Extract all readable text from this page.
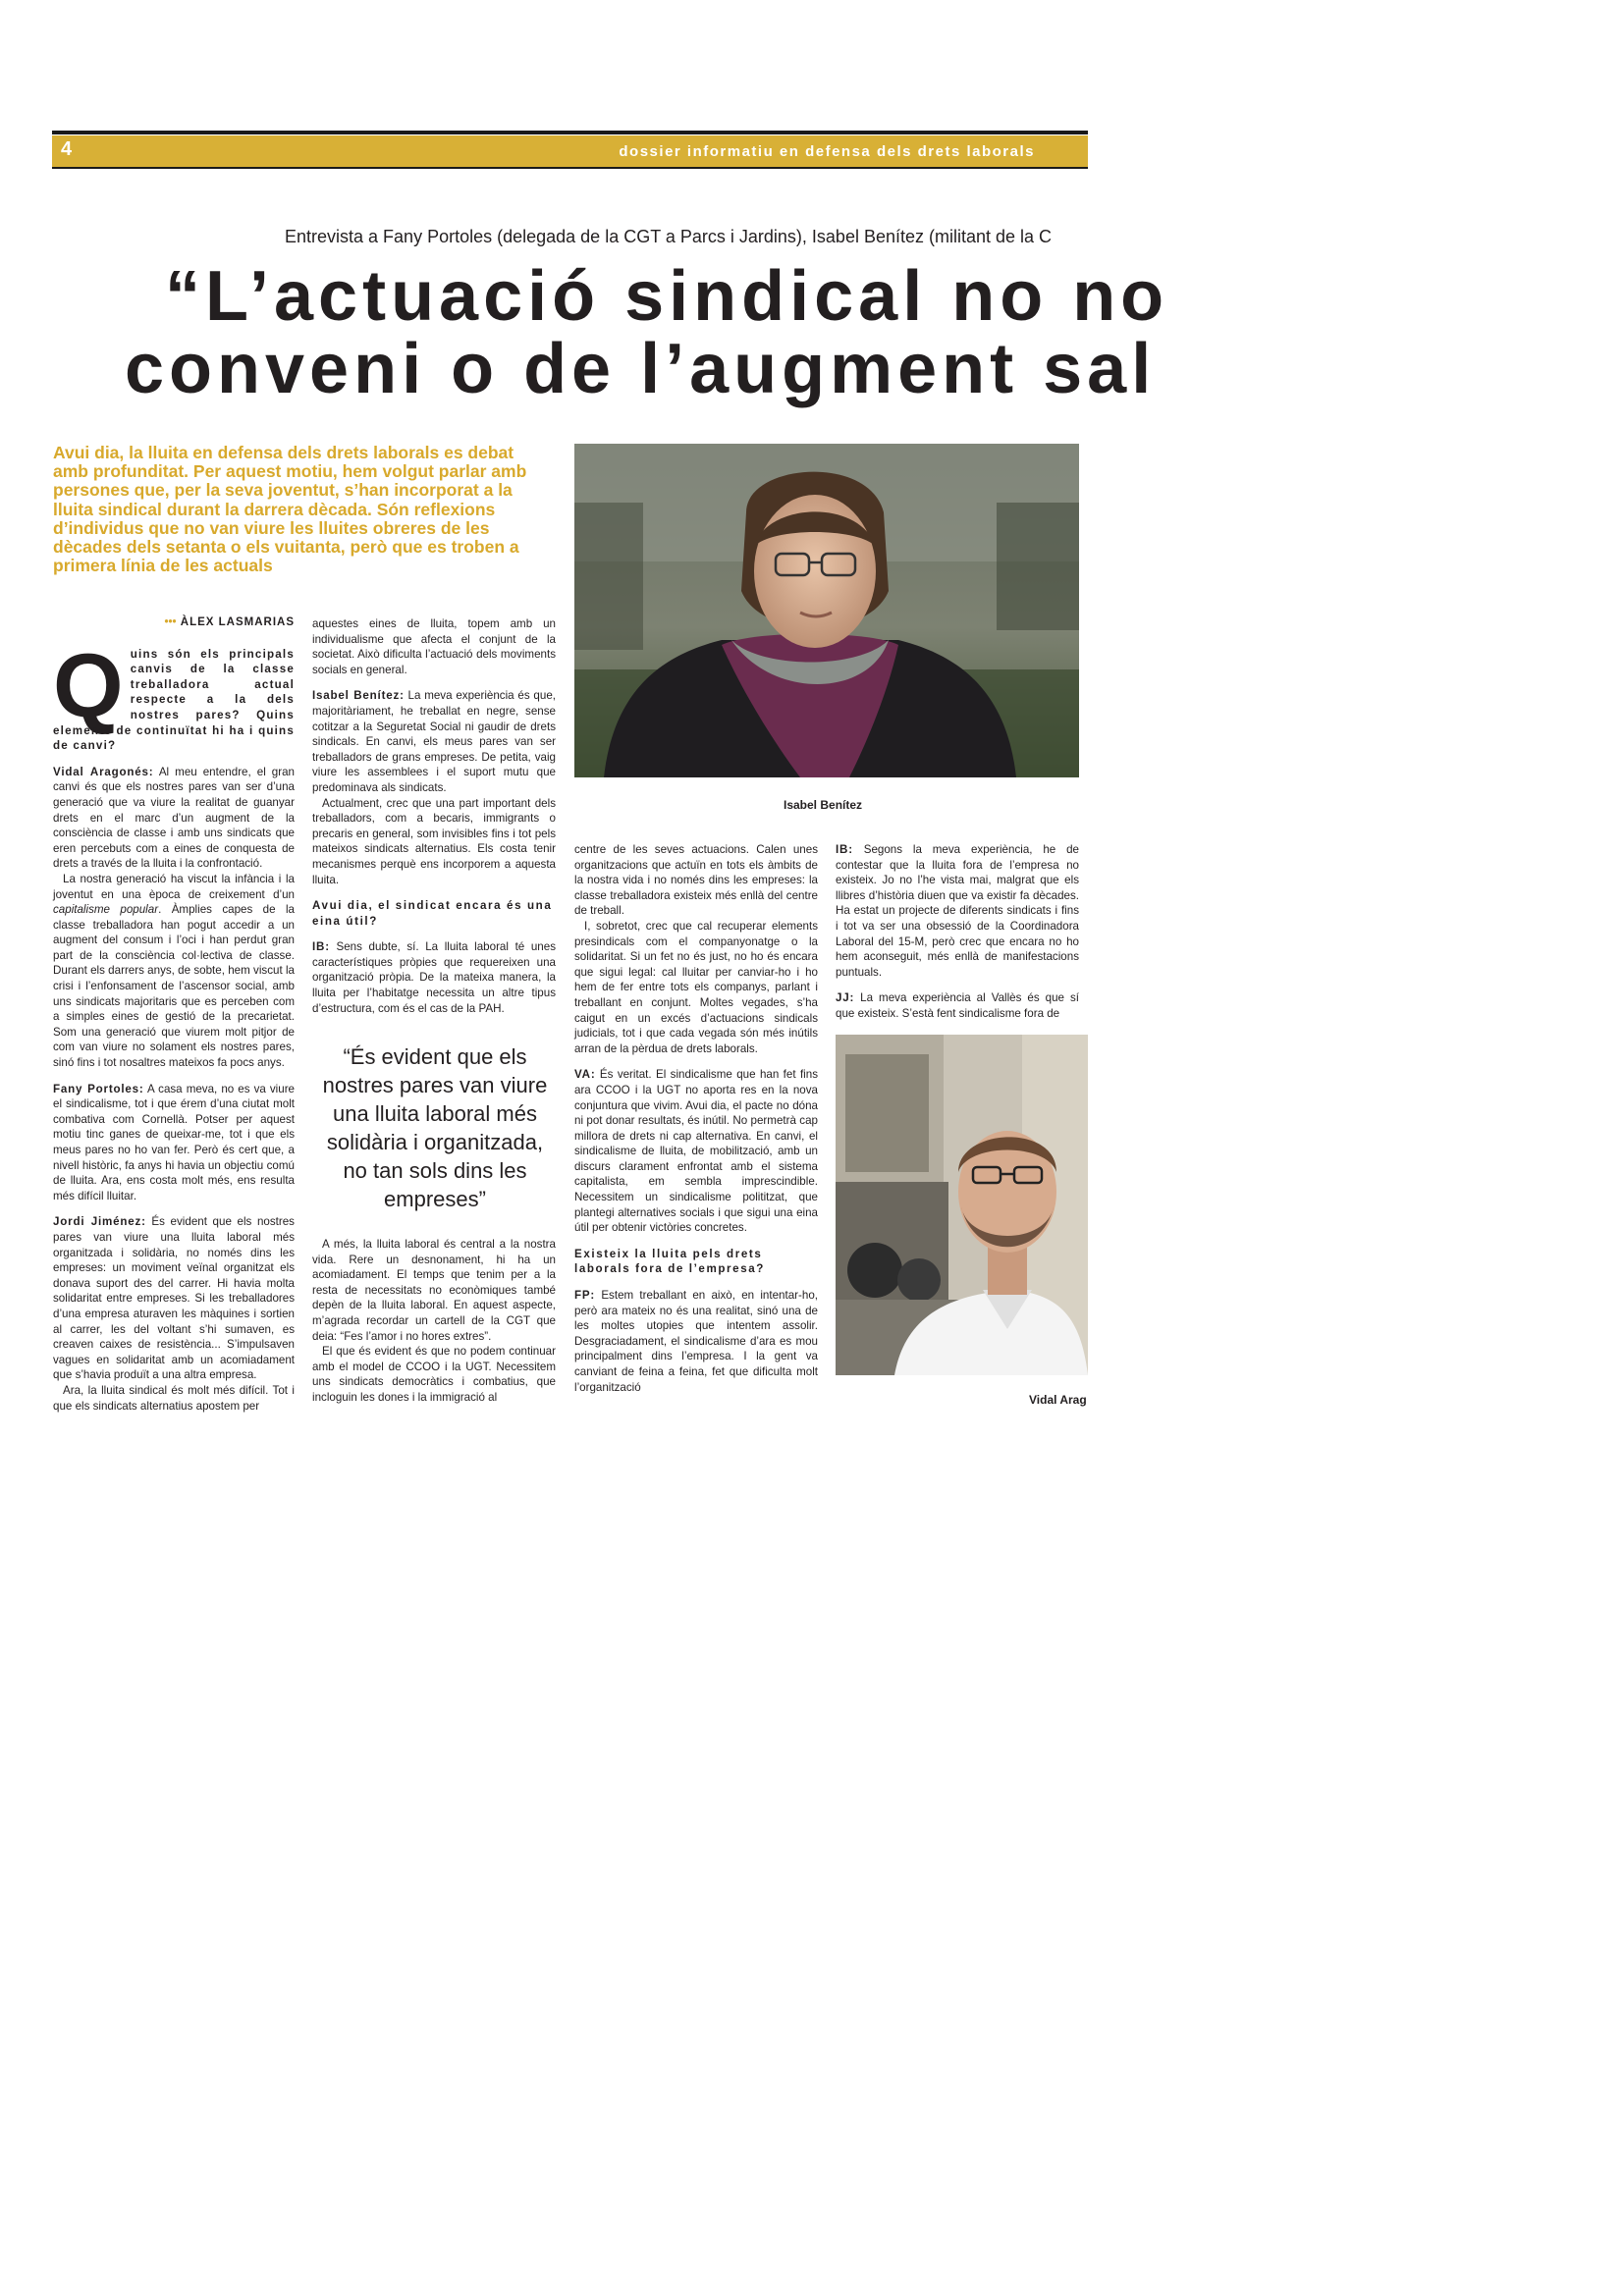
4	dossier informatiu en defensa dels drets laborals
Entrevista a Fany Portoles (delegada de la CGT a Parcs i Jardins), Isabel Benítez (militant de la C
“L’actuació sindical no no
conveni o de l’augment sal

Avui dia, la lluita en defensa dels drets laborals es debat amb profunditat. Per aquest motiu, hem volgut parlar amb persones que, per la seva joventut, s’han incorporat a la lluita sindical durant la darrera dècada. Són reflexions d’individus que no van viure les lluites obreres de les dècades dels setanta o els vuitanta, però que es troben a primera línia de les actuals

Isabel Benítez
Vidal Arag
••• ÀLEX LASMARIAS

Q uins són els principals canvis de la classe treballadora actual respecte a la dels nostres pares? Quins elements de continuïtat hi ha i quins de canvi?

Vidal Aragonés: Al meu entendre, el gran canvi és que els nostres pares van ser d’una generació que va viure la realitat de guanyar drets en el marc d’un augment de la consciència de classe i amb uns sindicats que eren percebuts com a eines de conquesta de drets a través de la lluita i la confrontació.

La nostra generació ha viscut la infància i la joventut en una època de creixement d’un capitalisme popular. Àmplies capes de la classe treballadora han pogut accedir a un augment del consum i l’oci i han perdut gran part de la consciència col·lectiva de classe. Durant els darrers anys, de sobte, hem viscut la crisi i l’enfonsament de l’ascensor social, amb uns sindicats majoritaris que es perceben com a simples eines de gestió de la precarietat. Som una generació que viurem molt pitjor de com van viure no solament els nostres pares, sinó fins i tot nosaltres mateixos fa pocs anys.

Fany Portoles: A casa meva, no es va viure el sindicalisme, tot i que érem d’una ciutat molt combativa com Cornellà. Potser per aquest motiu tinc ganes de queixar-me, tot i que els meus pares no ho van fer. Però és cert que, a nivell històric, fa anys hi havia un objectiu comú de lluita. Ara, ens costa molt més, ens resulta més difícil lluitar.

Jordi Jiménez: És evident que els nostres pares van viure una lluita laboral més organitzada i solidària, no només dins les empreses: un moviment veïnal organitzat els donava suport des del carrer. Hi havia molta solidaritat entre empreses. Si les treballadores d’una empresa aturaven les màquines i sortien al carrer, les del voltant s’hi sumaven, es creaven caixes de resistència... S’impulsaven vagues en solidaritat amb un acomiadament que s’havia produït a una altra empresa.

Ara, la lluita sindical és molt més difícil. Tot i que els sindicats alternatius apostem per

aquestes eines de lluita, topem amb un individualisme que afecta el conjunt de la societat. Això dificulta l’actuació dels moviments socials en general.

Isabel Benítez: La meva experiència és que, majoritàriament, he treballat en negre, sense cotitzar a la Seguretat Social ni gaudir de drets sindicals. En canvi, els meus pares van ser treballadors de grans empreses. De petita, vaig viure les assemblees i el suport mutu que predominava als sindicats.

Actualment, crec que una part important dels treballadors, com a becaris, immigrants o precaris en general, som invisibles fins i tot pels mateixos sindicats alternatius. Els costa tenir mecanismes perquè ens incorporem a aquesta lluita.

Avui dia, el sindicat encara és una eina útil?

IB: Sens dubte, sí. La lluita laboral té unes característiques pròpies que requereixen una organització pròpia. De la mateixa manera, la lluita per l’habitatge necessita un altre tipus d’estructura, com és el cas de la PAH.

“És evident que els nostres pares van viure una lluita laboral més solidària i organitzada, no tan sols dins les empreses”

A més, la lluita laboral és central a la nostra vida. Rere un desnonament, hi ha un acomiadament. El temps que tenim per a la resta de necessitats no econòmiques també depèn de la lluita laboral. En aquest aspecte, m’agrada recordar un cartell de la CGT que deia: “Fes l’amor i no hores extres”.

El que és evident és que no podem continuar amb el model de CCOO i la UGT. Necessitem uns sindicats democràtics i combatius, que incloguin les dones i la immigració al

centre de les seves actuacions. Calen unes organitzacions que actuïn en tots els àmbits de la nostra vida i no només dins les empreses: la classe treballadora existeix més enllà del centre de treball.

I, sobretot, crec que cal recuperar elements presindicals com el companyonatge o la solidaritat. Si un fet no és just, no ho és encara que sigui legal: cal lluitar per canviar-ho i ho hem de fer entre tots els companys, parlant i treballant en conjunt. Moltes vegades, s’ha caigut en un excés d’actuacions sindicals judicials, tot i que cada vegada són més inútils arran de la pèrdua de drets laborals.

VA: És veritat. El sindicalisme que han fet fins ara CCOO i la UGT no aporta res en la nova conjuntura que vivim. Avui dia, el pacte no dóna ni pot donar resultats, és inútil. No permetrà cap millora de drets ni cap alternativa. En canvi, el sindicalisme de lluita, de mobilització, amb un discurs clarament enfrontat amb el sistema capitalista, em sembla imprescindible. Necessitem un sindicalisme polititzat, que plantegi alternatives socials i que sigui una eina útil per obtenir victòries concretes.

Existeix la lluita pels drets laborals fora de l’empresa?

FP: Estem treballant en això, en intentar-ho, però ara mateix no és una realitat, sinó una de les moltes utopies que intentem assolir. Desgraciadament, el sindicalisme d’ara es mou principalment dins l’empresa. I la gent va canviant de feina a feina, fet que dificulta molt l’organització

IB: Segons la meva experiència, he de contestar que la lluita fora de l’empresa no existeix. Jo no l’he vista mai, malgrat que els llibres d’història diuen que va existir fa dècades. Ha estat un projecte de diferents sindicats i fins i tot va ser una obsessió de la Coordinadora Laboral del 15-M, però crec que encara no ho hem aconseguit, més enllà de manifestacions puntuals.

JJ: La meva experiència al Vallès és que sí que existeix. S’està fent sindicalisme fora de
